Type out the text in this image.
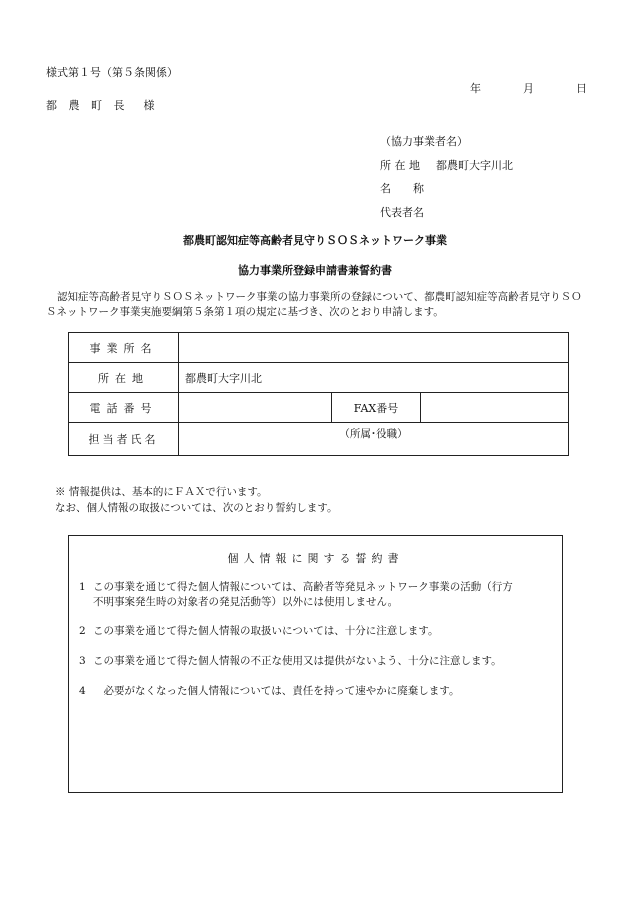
様式第１号（第５条関係）
年	月	日
都 農 町 長　様
（協力事業者名）
所 在 地	都農町大字川北
名　　称
代表者名
都農町認知症等高齢者見守りＳＯＳネットワーク事業
協力事業所登録申請書兼誓約書
認知症等高齢者見守りＳＯＳネットワーク事業の協力事業所の登録について、都農町認知症等高齢者見守りＳＯＳネットワーク事業実施要綱第５条第１項の規定に基づき、次のとおり申請します。
事業所名			
所在地	都農町大字川北		
電話番号		FAX番号	
担当者氏名	（所属･役職）		
※ 情報提供は、基本的にＦＡＸで行います。
なお、個人情報の取扱については、次のとおり誓約します。
個人情報に関する誓約書
1 この事業を通じて得た個人情報については、高齢者等発見ネットワーク事業の活動（行方
不明事案発生時の対象者の発見活動等）以外には使用しません。
2 この事業を通じて得た個人情報の取扱いについては、十分に注意します。
3 この事業を通じて得た個人情報の不正な使用又は提供がないよう、十分に注意します。
4　必要がなくなった個人情報については、責任を持って速やかに廃棄します。
